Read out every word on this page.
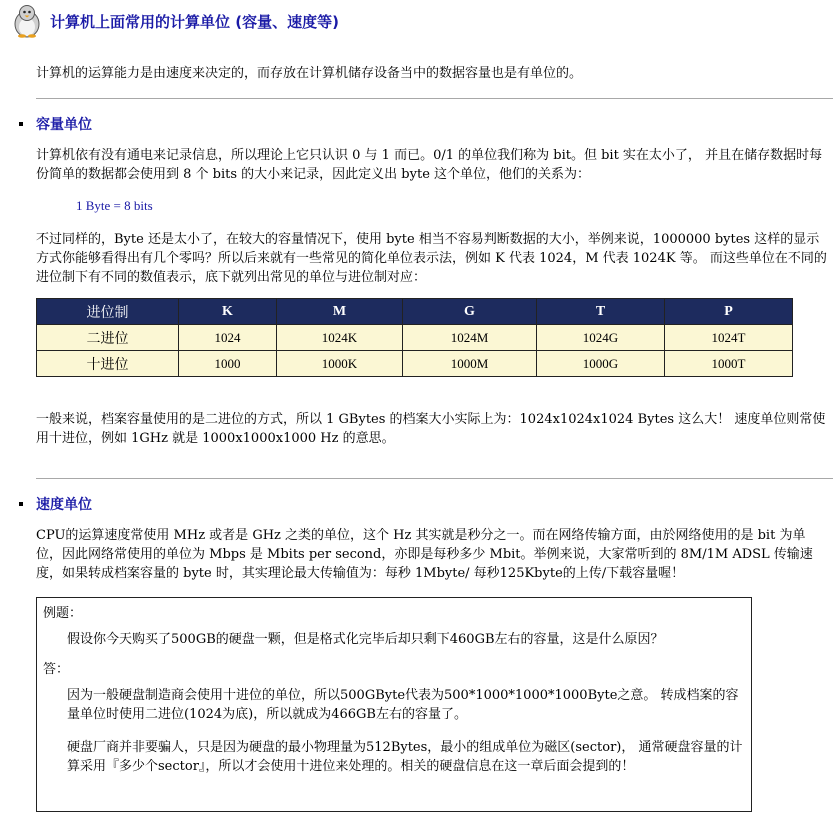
计算机上面常用的计算单位 (容量、速度等)
计算机的运算能力是由速度来决定的，而存放在计算机储存设备当中的数据容量也是有单位的。
容量单位
计算机依有没有通电来记录信息，所以理论上它只认识 0 与 1 而已。0/1 的单位我们称为 bit。但 bit 实在太小了， 并且在储存数据时每份简单的数据都会使用到 8 个 bits 的大小来记录，因此定义出 byte 这个单位，他们的关系为：
1 Byte = 8 bits
不过同样的，Byte 还是太小了，在较大的容量情况下，使用 byte 相当不容易判断数据的大小，举例来说，1000000 bytes 这样的显示方式你能够看得出有几个零吗？所以后来就有一些常见的简化单位表示法，例如 K 代表 1024，M 代表 1024K 等。 而这些单位在不同的进位制下有不同的数值表示，底下就列出常见的单位与进位制对应：
进位制	K	M	G	T	P
二进位	1024	1024K	1024M	1024G	1024T
十进位	1000	1000K	1000M	1000G	1000T
一般来说，档案容量使用的是二进位的方式，所以 1 GBytes 的档案大小实际上为：1024x1024x1024 Bytes 这么大！ 速度单位则常使用十进位，例如 1GHz 就是 1000x1000x1000 Hz 的意思。
速度单位
CPU的运算速度常使用 MHz 或者是 GHz 之类的单位，这个 Hz 其实就是秒分之一。而在网络传输方面，由於网络使用的是 bit 为单位，因此网络常使用的单位为 Mbps 是 Mbits per second，亦即是每秒多少 Mbit。举例来说，大家常听到的 8M/1M ADSL 传输速度，如果转成档案容量的 byte 时，其实理论最大传输值为：每秒 1Mbyte/ 每秒125Kbyte的上传/下载容量喔！
例题：
假设你今天购买了500GB的硬盘一颗，但是格式化完毕后却只剩下460GB左右的容量，这是什么原因？
答：
因为一般硬盘制造商会使用十进位的单位，所以500GByte代表为500*1000*1000*1000Byte之意。 转成档案的容量单位时使用二进位(1024为底)，所以就成为466GB左右的容量了。
硬盘厂商并非要骗人，只是因为硬盘的最小物理量为512Bytes，最小的组成单位为磁区(sector)， 通常硬盘容量的计算采用『多少个sector』，所以才会使用十进位来处理的。相关的硬盘信息在这一章后面会提到的！
